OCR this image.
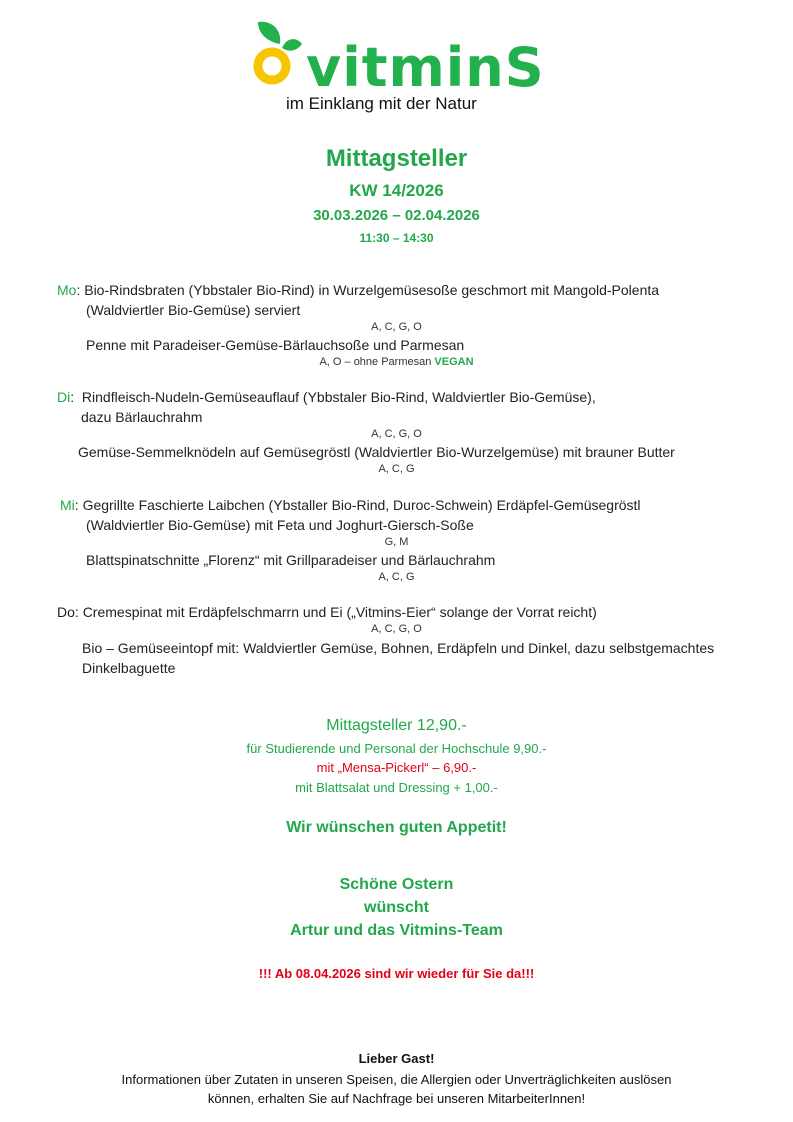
vitminS
im Einklang mit der Natur
Mittagsteller
KW 14/2026
30.03.2026 – 02.04.2026
11:30 – 14:30
Mo: Bio-Rindsbraten (Ybbstaler Bio-Rind) in Wurzelgemüsesoße geschmort mit Mangold-Polenta
(Waldviertler Bio-Gemüse) serviert
A, C, G, O
Penne mit Paradeiser-Gemüse-Bärlauchsoße und Parmesan
A, O – ohne Parmesan VEGAN
Di:  Rindfleisch-Nudeln-Gemüseauflauf (Ybbstaler Bio-Rind, Waldviertler Bio-Gemüse),
dazu Bärlauchrahm
A, C, G, O
Gemüse-Semmelknödeln auf Gemüsegröstl (Waldviertler Bio-Wurzelgemüse) mit brauner Butter
A, C, G
Mi: Gegrillte Faschierte Laibchen (Ybstaller Bio-Rind, Duroc-Schwein) Erdäpfel-Gemüsegröstl
(Waldviertler Bio-Gemüse) mit Feta und Joghurt-Giersch-Soße
G, M
Blattspinatschnitte „Florenz“ mit Grillparadeiser und Bärlauchrahm
A, C, G
Do: Cremespinat mit Erdäpfelschmarrn und Ei („Vitmins-Eier“ solange der Vorrat reicht)
A, C, G, O
Bio – Gemüseeintopf mit: Waldviertler Gemüse, Bohnen, Erdäpfeln und Dinkel, dazu selbstgemachtes
Dinkelbaguette
Mittagsteller 12,90.-
für Studierende und Personal der Hochschule 9,90.-
mit „Mensa-Pickerl“ – 6,90.-
mit Blattsalat und Dressing + 1,00.-
Wir wünschen guten Appetit!
Schöne Ostern
wünscht
Artur und das Vitmins-Team
!!! Ab 08.04.2026 sind wir wieder für Sie da!!!
Lieber Gast!
Informationen über Zutaten in unseren Speisen, die Allergien oder Unverträglichkeiten auslösen
können, erhalten Sie auf Nachfrage bei unseren MitarbeiterInnen!
